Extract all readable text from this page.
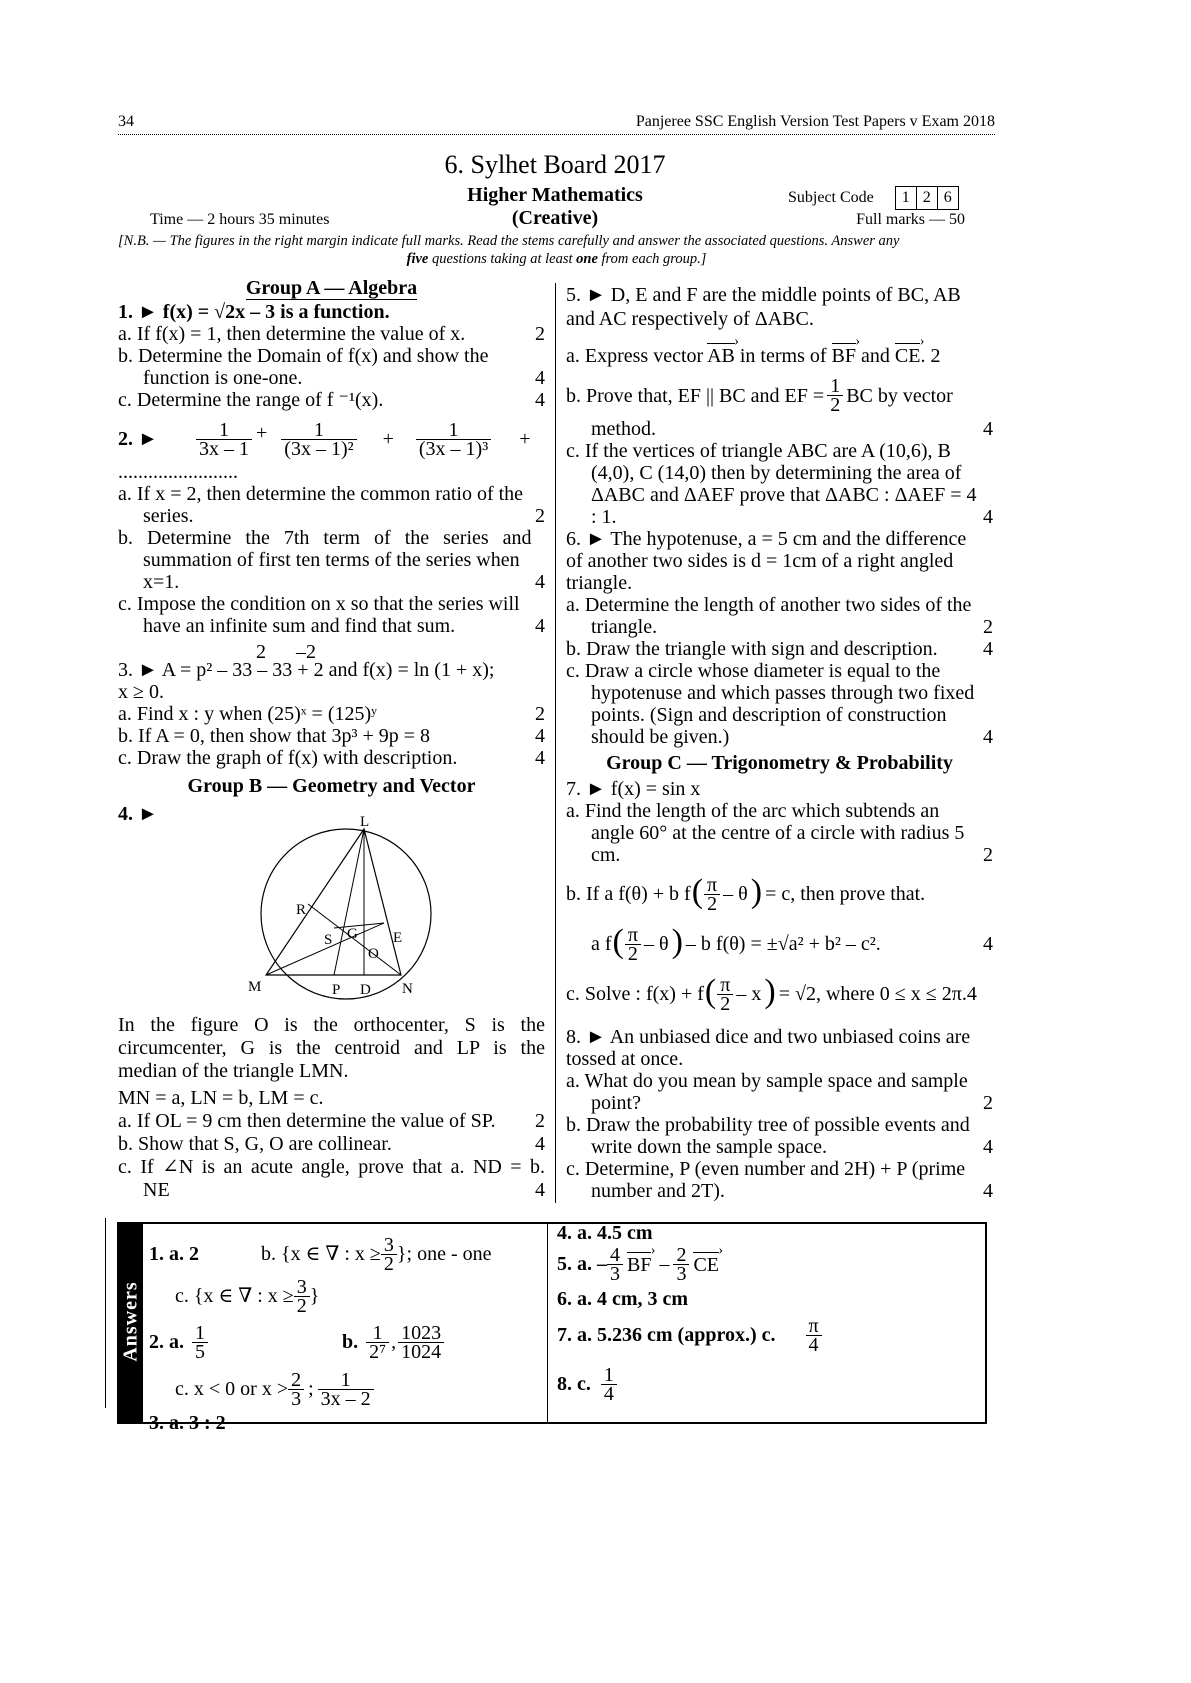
34	Panjeree SSC English Version Test Papers v Exam 2018
6. Sylhet Board 2017
Higher Mathematics
(Creative)
Subject Code 1 2 6
Time — 2 hours 35 minutes	Full marks — 50
[N.B. — The figures in the right margin indicate full marks. Read the stems carefully and answer the associated questions. Answer any
five questions taking at least one from each group.]
Group A — Algebra
1. ► f(x) = √2x – 3 is a function.
a. If f(x) = 1, then determine the value of x.	2
b. Determine the Domain of f(x) and show the
function is one-one.	4
c. Determine the range of f ⁻¹(x).	4
2. ►	$\frac{1}{3x - 1} + \frac{1}{\text{(3x – 1)²}} + \frac{1}{\text{(3x – 1)³}}$ +
........................
a. If x = 2, then determine the common ratio of the
series.	2
b. Determine the 7th term of the series and
summation of first ten terms of the series when
x=1.	4
c. Impose the condition on x so that the series will
have an infinite sum and find that sum.	4
2 –2
3. ► A = p² – 33 – 33 + 2 and f(x) = ln (1 + x);
x ≥ 0.
a. Find x : y when (25)ˣ = (125)ʸ	2
b. If A = 0, then show that 3p³ + 9p = 8	4
c. Draw the graph of f(x) with description.	4
Group B — Geometry and Vector
4. ►	L
M	N
R
S G E
O
P D
In the figure O is the orthocenter, S is the
circumcenter, G is the centroid and LP is the
median of the triangle LMN.
MN = a, LN = b, LM = c.
a. If OL = 9 cm then determine the value of SP. 2
b. Show that S, G, O are collinear.	4
c. If ∠N is an acute angle, prove that a. ND = b.
NE	4
5. ► D, E and F are the middle points of BC, AB
and AC respectively of ΔABC.
a. Express vector AB › in terms of BF › and CE ›. 2
b. Prove that, EF || BC and EF = $\frac{1}{2}$ BC by vector
method.	4
c. If the vertices of triangle ABC are A (10,6), B
(4,0), C (14,0) then by determining the area of
ΔABC and ΔAEF prove that ΔABC : ΔAEF = 4
: 1.	4
6. ► The hypotenuse, a = 5 cm and the difference
of another two sides is d = 1cm of a right angled
triangle.
a. Determine the length of another two sides of the
triangle.	2
b. Draw the triangle with sign and description. 4
c. Draw a circle whose diameter is equal to the
hypotenuse and which passes through two fixed
points. (Sign and description of construction
should be given.)	4
Group C — Trigonometry & Probability
7. ► f(x) = sin x
a. Find the length of the arc which subtends an
angle 60° at the centre of a circle with radius 5
cm.	2
b. If a f(θ) + b f ( $\frac{\pi}{2}$ – θ ) = c, then prove that.
a f ( $\frac{\pi}{2}$ – θ ) – b f(θ) = ±√a² + b² – c².	4
c. Solve : f(x) + f ( $\frac{\pi}{2}$ – x ) = √2, where 0 ≤ x ≤ 2π.4
8. ► An unbiased dice and two unbiased coins are
tossed at once.
a. What do you mean by sample space and sample
point?	2
b. Draw the probability tree of possible events and
write down the sample space.	4
c. Determine, P (even number and 2H) + P (prime
number and 2T).	4
Answers
1. a. 2	b. {x ∈ ∇ : $x \ge \frac{3}{2}$ }; one - one
c. {x ∈ ∇ : $x \ge \frac{3}{2}$ }
2. a. $\frac{1}{5} b$. $\frac{1}{\text{2⁷}}$ , $\frac{1023}{1024}$
c. x < 0 or $x > \frac{2}{3}$ ; $\frac{1}{3x - 2}$
3. a. 3 : 2
4. a. 4.5 cm
5. a. – $\frac{4}{3}$ BF › – $\frac{2}{3}$ CE ›
6. a. 4 cm, 3 cm
7. a. 5.236 cm (approx.) c. $\frac{\pi}{4}$
8. c. $\frac{1}{4}$
